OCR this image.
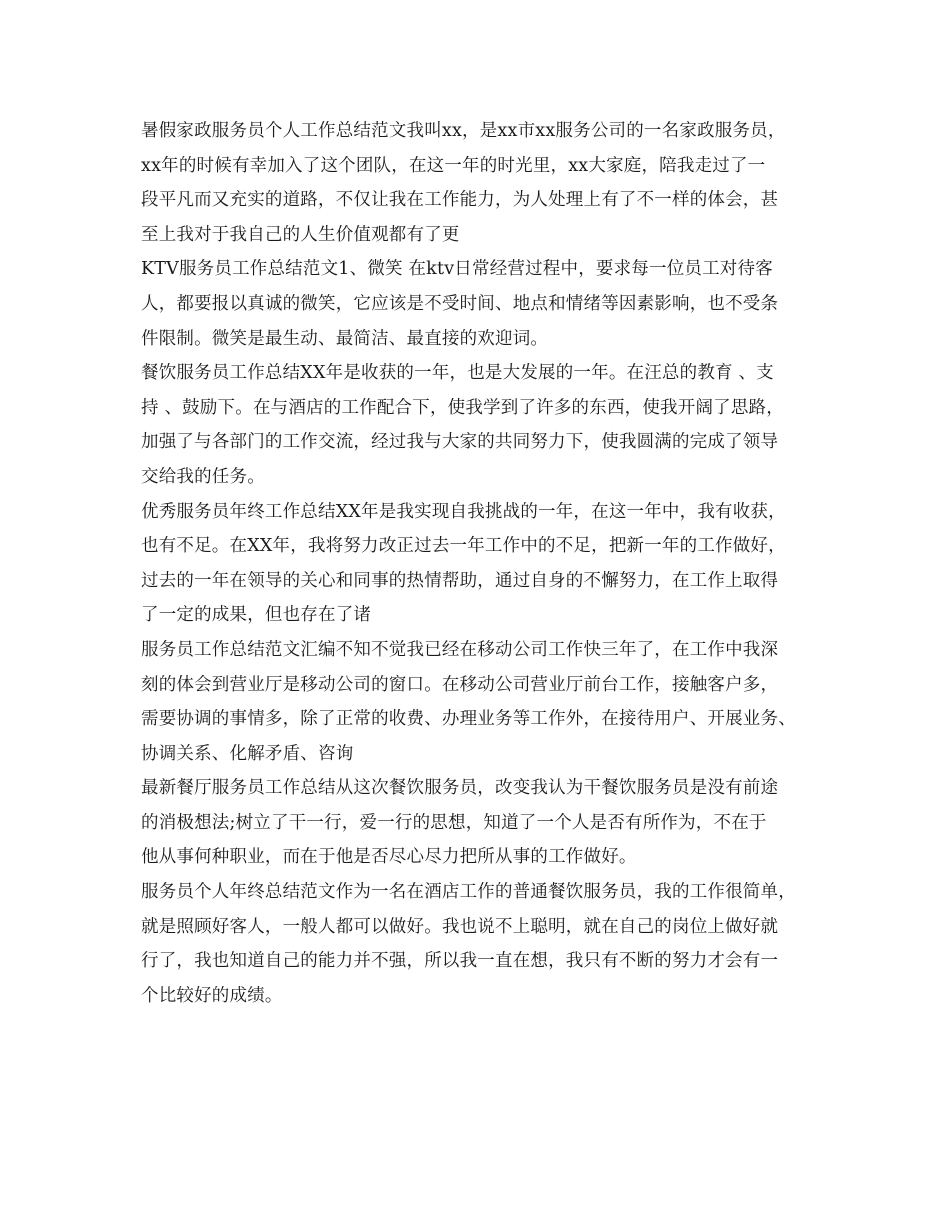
暑假家政服务员个人工作总结范文我叫xx，是xx市xx服务公司的一名家政服务员，
xx年的时候有幸加入了这个团队，在这一年的时光里，xx大家庭，陪我走过了一
段平凡而又充实的道路，不仅让我在工作能力，为人处理上有了不一样的体会，甚
至上我对于我自己的人生价值观都有了更
KTV服务员工作总结范文1、微笑 在ktv日常经营过程中，要求每一位员工对待客
人，都要报以真诚的微笑，它应该是不受时间、地点和情绪等因素影响，也不受条
件限制。微笑是最生动、最简洁、最直接的欢迎词。
餐饮服务员工作总结XX年是收获的一年，也是大发展的一年。在汪总的教育 、支
持 、鼓励下。在与酒店的工作配合下，使我学到了许多的东西，使我开阔了思路，
加强了与各部门的工作交流，经过我与大家的共同努力下，使我圆满的完成了领导
交给我的任务。
优秀服务员年终工作总结XX年是我实现自我挑战的一年，在这一年中，我有收获，
也有不足。在XX年，我将努力改正过去一年工作中的不足，把新一年的工作做好，
过去的一年在领导的关心和同事的热情帮助，通过自身的不懈努力，在工作上取得
了一定的成果，但也存在了诸
服务员工作总结范文汇编不知不觉我已经在移动公司工作快三年了，在工作中我深
刻的体会到营业厅是移动公司的窗口。在移动公司营业厅前台工作，接触客户多，
需要协调的事情多，除了正常的收费、办理业务等工作外，在接待用户、开展业务、
协调关系、化解矛盾、咨询
最新餐厅服务员工作总结从这次餐饮服务员，改变我认为干餐饮服务员是没有前途
的消极想法;树立了干一行，爱一行的思想，知道了一个人是否有所作为，不在于
他从事何种职业，而在于他是否尽心尽力把所从事的工作做好。
服务员个人年终总结范文作为一名在酒店工作的普通餐饮服务员，我的工作很简单，
就是照顾好客人，一般人都可以做好。我也说不上聪明，就在自己的岗位上做好就
行了，我也知道自己的能力并不强，所以我一直在想，我只有不断的努力才会有一
个比较好的成绩。
